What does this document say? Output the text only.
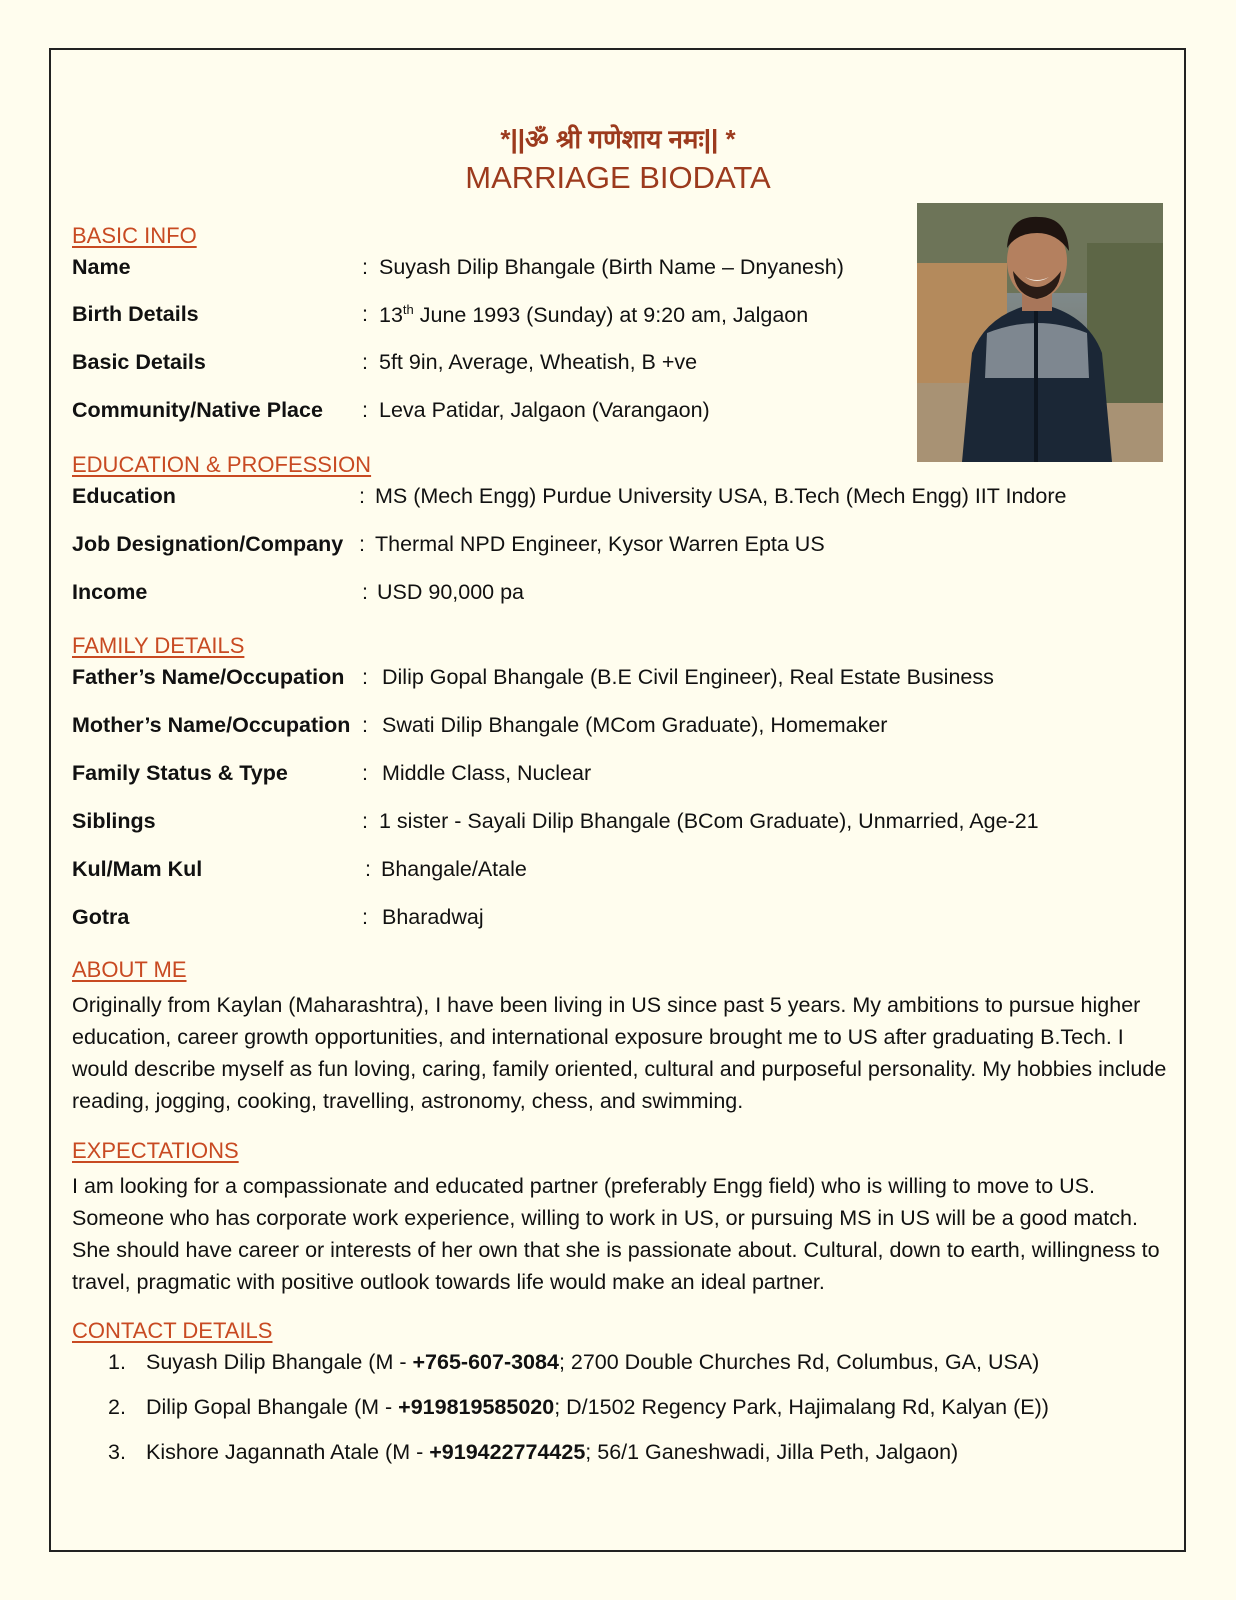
*||ॐ श्री गणेशाय नमः|| *
MARRIAGE BIODATA
BASIC INFO
Name	: Suyash Dilip Bhangale (Birth Name – Dnyanesh)
Birth Details	: 13th June 1993 (Sunday) at 9:20 am, Jalgaon
Basic Details	: 5ft 9in, Average, Wheatish, B +ve
Community/Native Place : Leva Patidar, Jalgaon (Varangaon)
EDUCATION & PROFESSION
Education	: MS (Mech Engg) Purdue University USA, B.Tech (Mech Engg) IIT Indore
Job Designation/Company : Thermal NPD Engineer, Kysor Warren Epta US
Income	: USD 90,000 pa
FAMILY DETAILS
Father’s Name/Occupation : Dilip Gopal Bhangale (B.E Civil Engineer), Real Estate Business
Mother’s Name/Occupation : Swati Dilip Bhangale (MCom Graduate), Homemaker
Family Status & Type	: Middle Class, Nuclear
Siblings	: 1 sister - Sayali Dilip Bhangale (BCom Graduate), Unmarried, Age-21
Kul/Mam Kul	: Bhangale/Atale
Gotra	: Bharadwaj
ABOUT ME
Originally from Kaylan (Maharashtra), I have been living in US since past 5 years. My ambitions to pursue higher education, career growth opportunities, and international exposure brought me to US after graduating B.Tech. I would describe myself as fun loving, caring, family oriented, cultural and purposeful personality. My hobbies include reading, jogging, cooking, travelling, astronomy, chess, and swimming.
EXPECTATIONS
I am looking for a compassionate and educated partner (preferably Engg field) who is willing to move to US. Someone who has corporate work experience, willing to work in US, or pursuing MS in US will be a good match. She should have career or interests of her own that she is passionate about. Cultural, down to earth, willingness to travel, pragmatic with positive outlook towards life would make an ideal partner.
CONTACT DETAILS
1. Suyash Dilip Bhangale (M - +765-607-3084; 2700 Double Churches Rd, Columbus, GA, USA)
2. Dilip Gopal Bhangale (M - +919819585020; D/1502 Regency Park, Hajimalang Rd, Kalyan (E))
3. Kishore Jagannath Atale (M - +919422774425; 56/1 Ganeshwadi, Jilla Peth, Jalgaon)
